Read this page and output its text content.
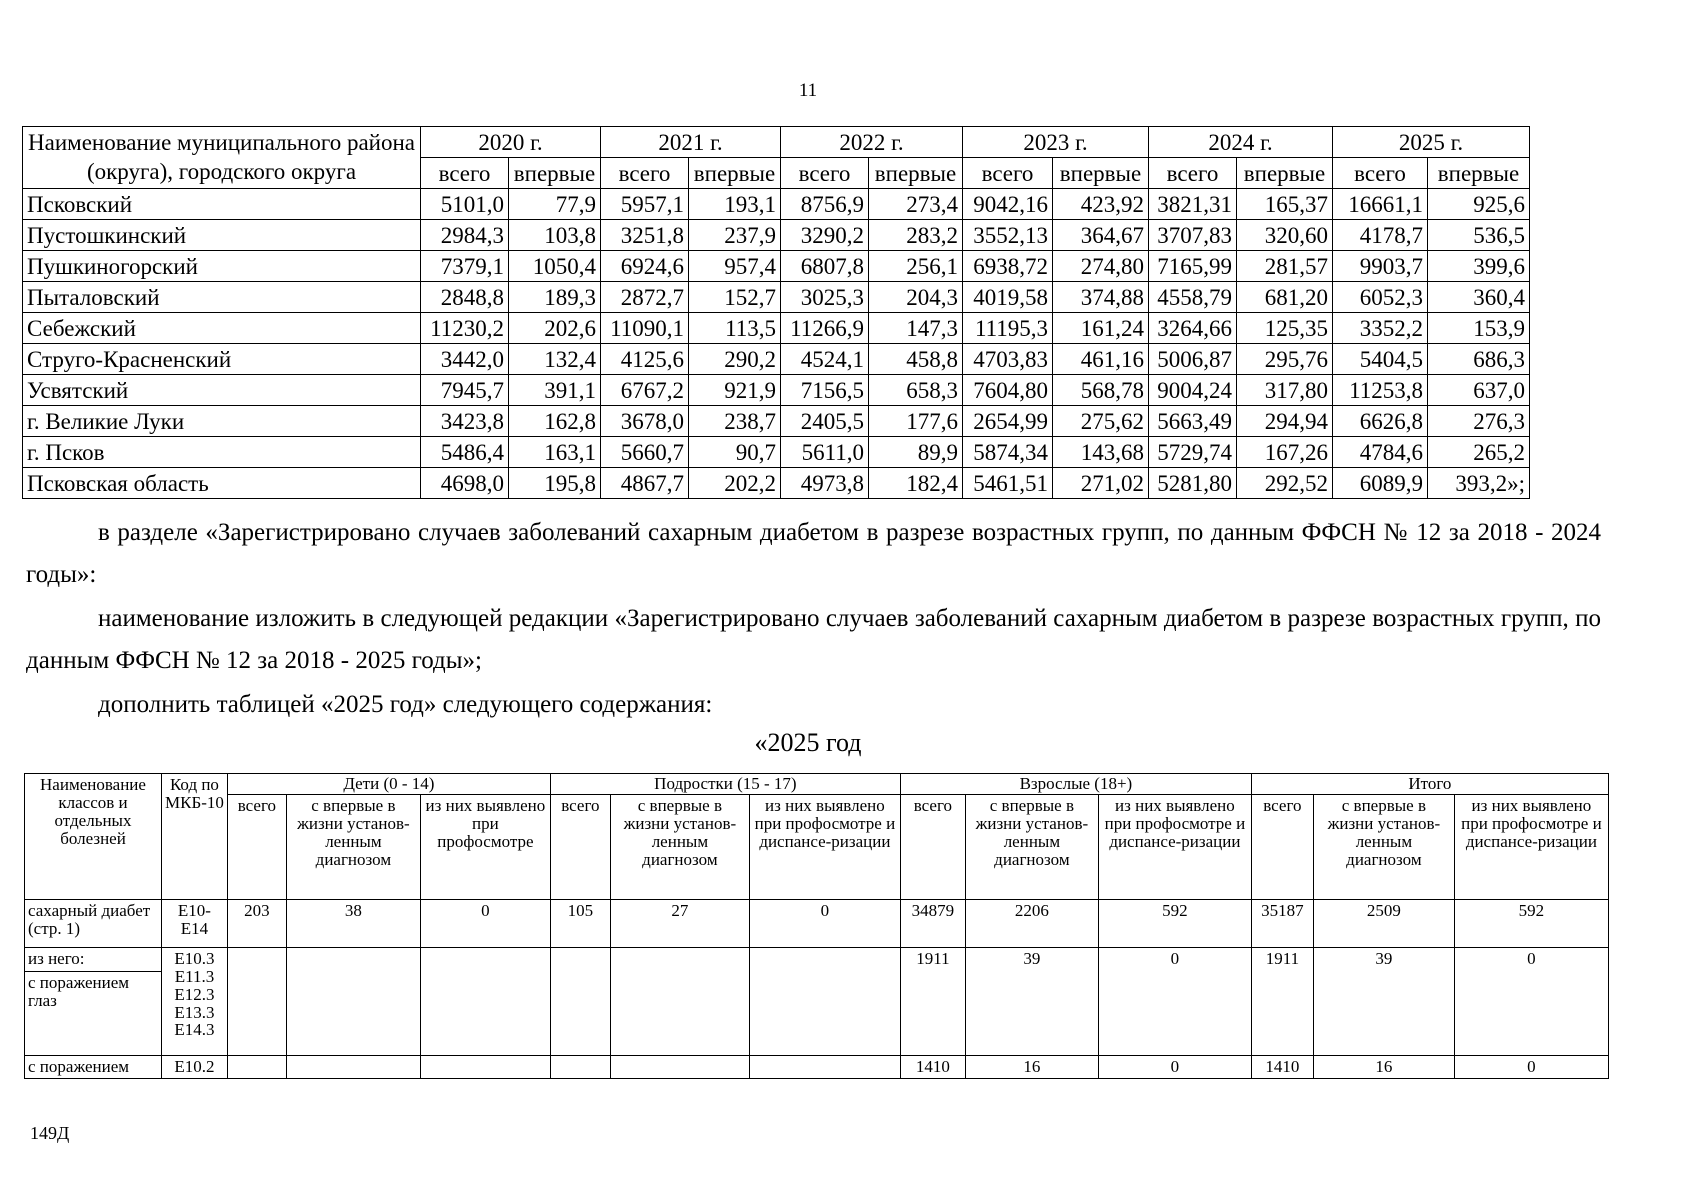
11
Наименование муниципального района (округа), городского округа	2020 г.		2021 г.		2022 г.		2023 г.		2024 г.		2025 г.	
	всего	впервые	всего	впервые	всего	впервые	всего	впервые	всего	впервые	всего	впервые
Псковский	5101,0	77,9	5957,1	193,1	8756,9	273,4	9042,16	423,92	3821,31	165,37	16661,1	925,6
Пустошкинский	2984,3	103,8	3251,8	237,9	3290,2	283,2	3552,13	364,67	3707,83	320,60	4178,7	536,5
Пушкиногорский	7379,1	1050,4	6924,6	957,4	6807,8	256,1	6938,72	274,80	7165,99	281,57	9903,7	399,6
Пыталовский	2848,8	189,3	2872,7	152,7	3025,3	204,3	4019,58	374,88	4558,79	681,20	6052,3	360,4
Себежский	11230,2	202,6	11090,1	113,5	11266,9	147,3	11195,3	161,24	3264,66	125,35	3352,2	153,9
Струго-Красненский	3442,0	132,4	4125,6	290,2	4524,1	458,8	4703,83	461,16	5006,87	295,76	5404,5	686,3
Усвятский	7945,7	391,1	6767,2	921,9	7156,5	658,3	7604,80	568,78	9004,24	317,80	11253,8	637,0
г. Великие Луки	3423,8	162,8	3678,0	238,7	2405,5	177,6	2654,99	275,62	5663,49	294,94	6626,8	276,3
г. Псков	5486,4	163,1	5660,7	90,7	5611,0	89,9	5874,34	143,68	5729,74	167,26	4784,6	265,2
Псковская область	4698,0	195,8	4867,7	202,2	4973,8	182,4	5461,51	271,02	5281,80	292,52	6089,9	393,2»;
в разделе «Зарегистрировано случаев заболеваний сахарным диабетом в разрезе возрастных групп, по данным ФФСН № 12 за 2018 - 2024 годы»:
наименование изложить в следующей редакции «Зарегистрировано случаев заболеваний сахарным диабетом в разрезе возрастных групп, по данным ФФСН № 12 за 2018 - 2025 годы»;
дополнить таблицей «2025 год» следующего содержания:
«2025 год
Наименование классов и отдельных болезней	Код по МКБ-10	Дети (0 - 14)			Подростки (15 - 17)			Взрослые (18+)			Итого		
		всего	с впервые в жизни установ-ленным диагнозом	из них выявлено при профосмотре	всего	с впервые в жизни установ-ленным диагнозом	из них выявлено при профосмотре и диспансе-ризации	всего	с впервые в жизни установ-ленным диагнозом	из них выявлено при профосмотре и диспансе-ризации	всего	с впервые в жизни установ-ленным диагнозом	из них выявлено при профосмотре и диспансе-ризации
сахарный диабет (стр. 1)	E10-E14	203	38	0	105	27	0	34879	2206	592	35187	2509	592
из него:	E10.3 E11.3 E12.3 E13.3 E14.3							1911	39	0	1911	39	0
с поражением глаз													
с поражением	E10.2							1410	16	0	1410	16	0
149Д
